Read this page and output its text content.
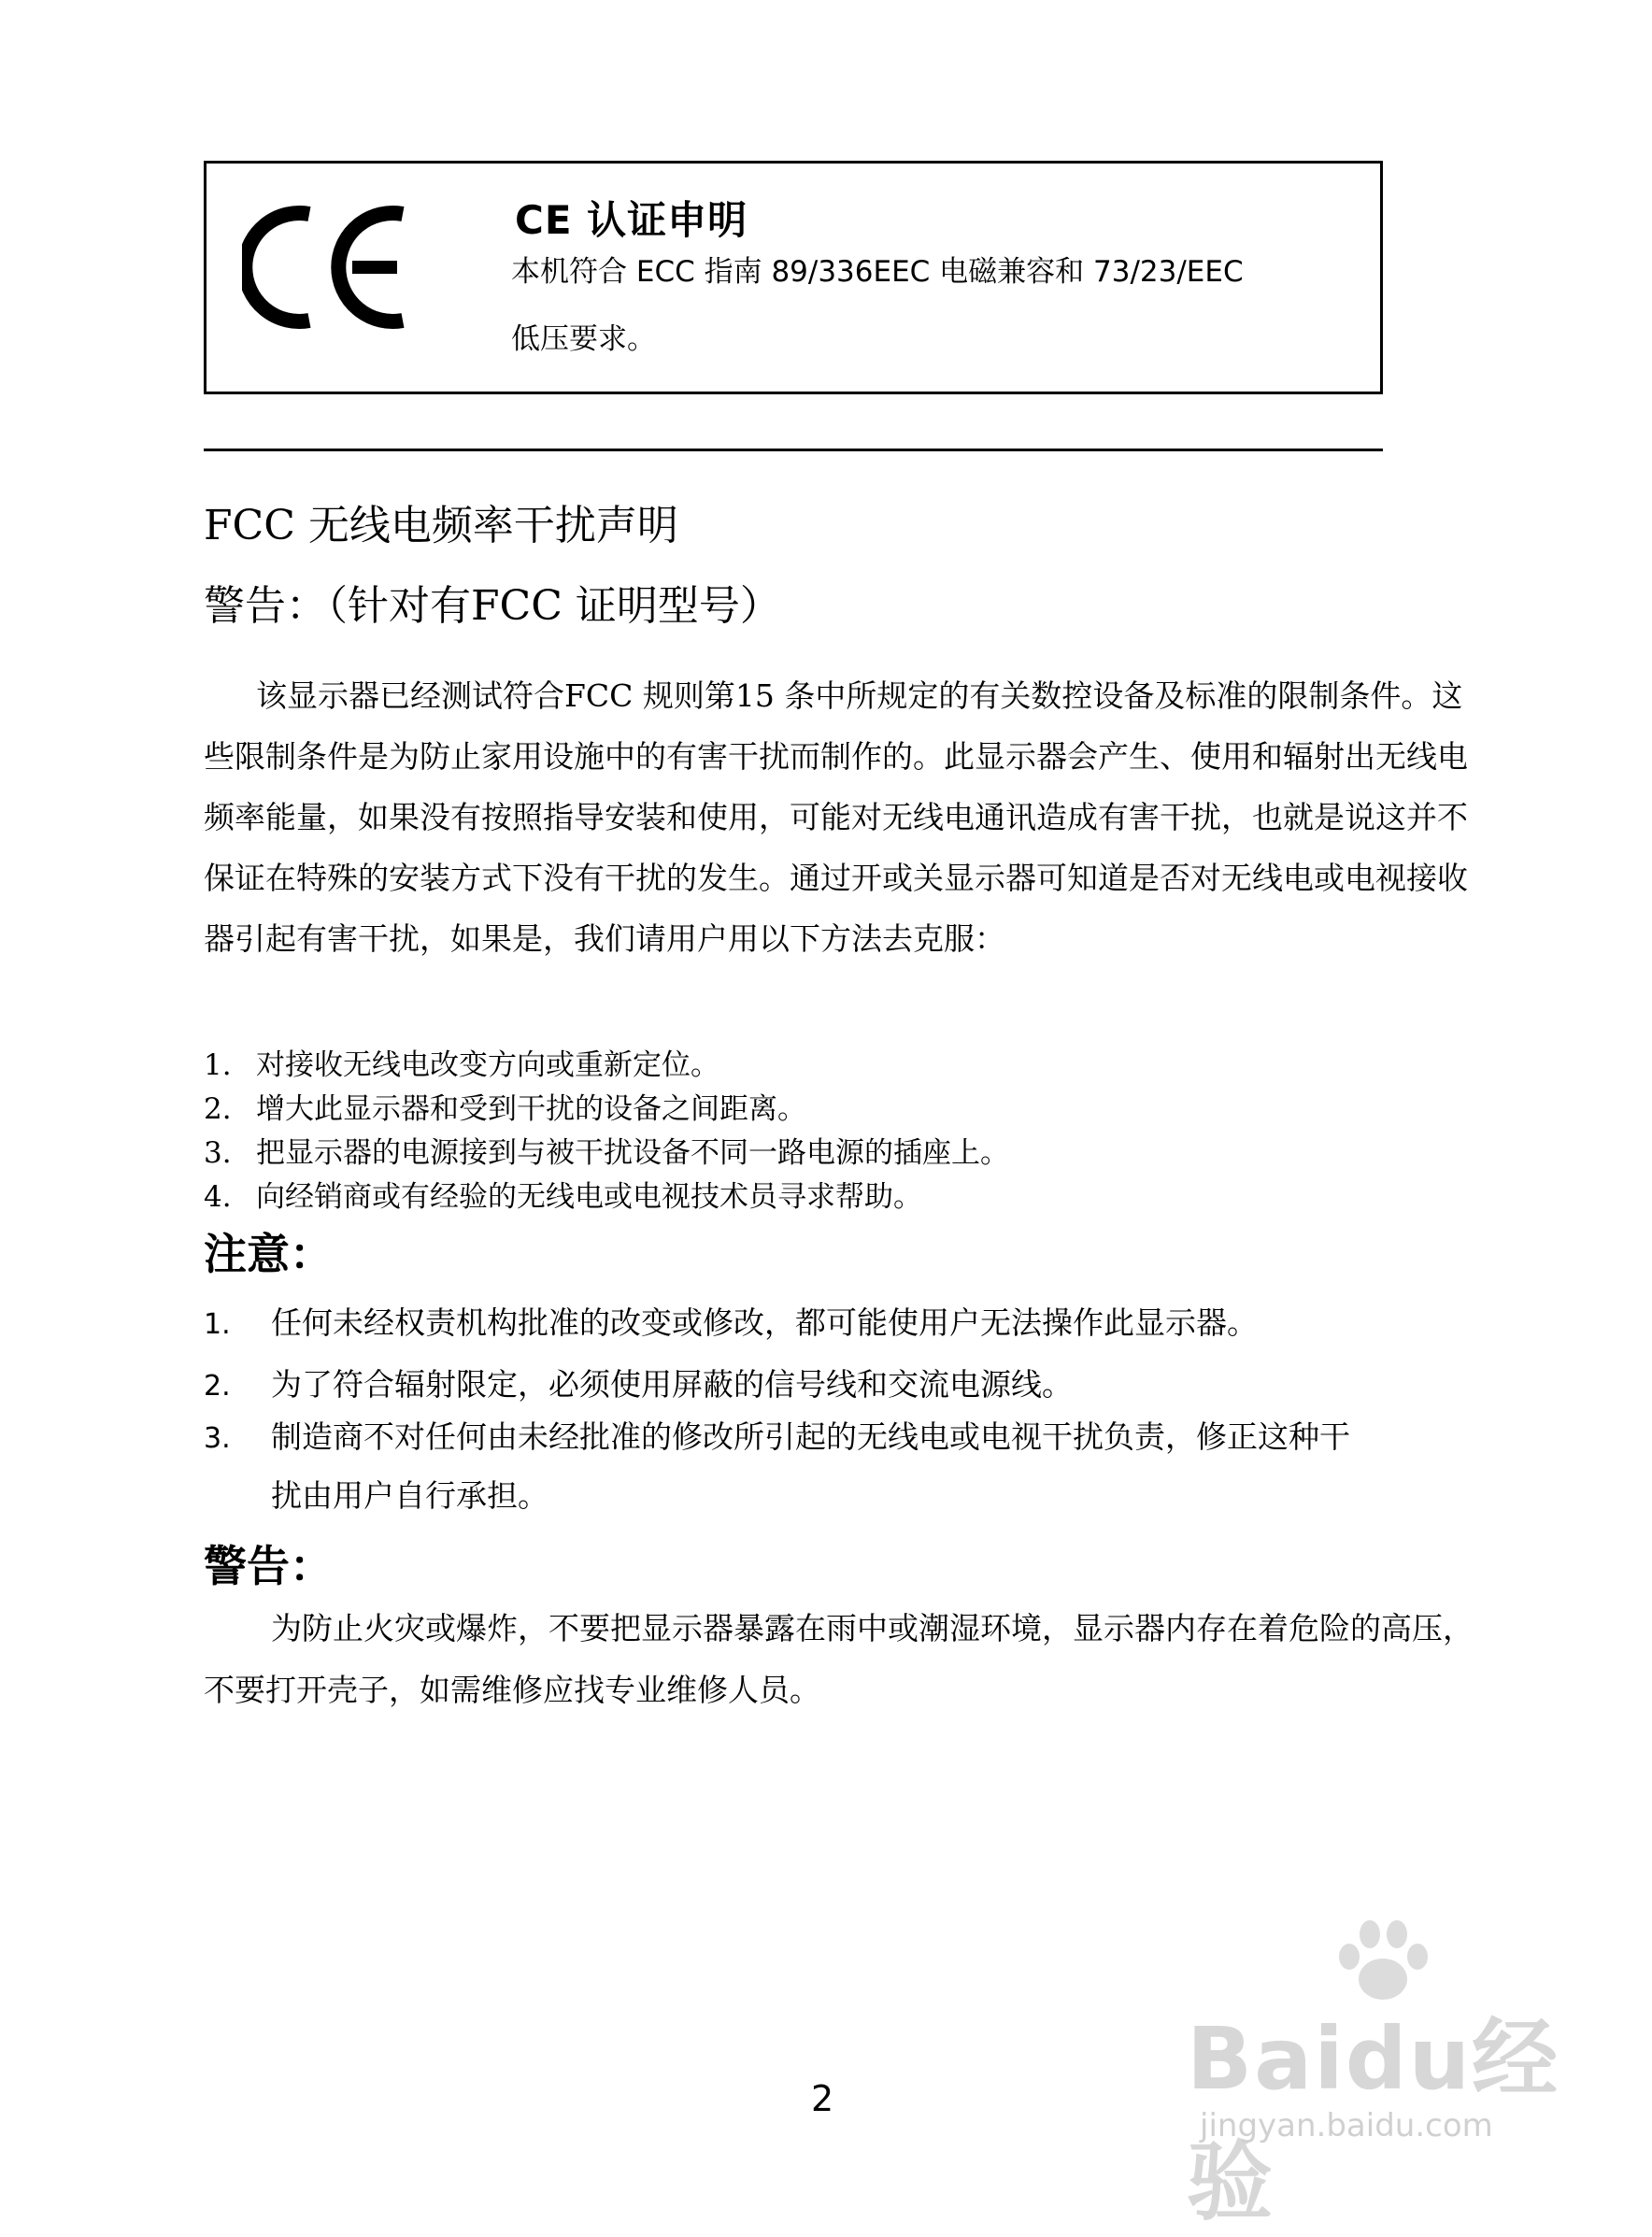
CE 认证申明
本机符合 ECC 指南 89/336EEC 电磁兼容和 73/23/EEC
低压要求。
FCC 无线电频率干扰声明
警告：（针对有FCC 证明型号）

该显示器已经测试符合FCC 规则第15 条中所规定的有关数控设备及标准的限制条件。这些限制条件是为防止家用设施中的有害干扰而制作的。此显示器会产生、使用和辐射出无线电频率能量，如果没有按照指导安装和使用，可能对无线电通讯造成有害干扰，也就是说这并不保证在特殊的安装方式下没有干扰的发生。通过开或关显示器可知道是否对无线电或电视接收器引起有害干扰，如果是，我们请用户用以下方法去克服：

1. 对接收无线电改变方向或重新定位。
2. 增大此显示器和受到干扰的设备之间距离。
3. 把显示器的电源接到与被干扰设备不同一路电源的插座上。
4. 向经销商或有经验的无线电或电视技术员寻求帮助。
注意：
1. 任何未经权责机构批准的改变或修改，都可能使用户无法操作此显示器。
2. 为了符合辐射限定，必须使用屏蔽的信号线和交流电源线。
3. 制造商不对任何由未经批准的修改所引起的无线电或电视干扰负责，修正这种干
扰由用户自行承担。
警告：

为防止火灾或爆炸，不要把显示器暴露在雨中或潮湿环境，显示器内存在着危险的高压，不要打开壳子，如需维修应找专业维修人员。

Baidu经验
jingyan.baidu.com
2
